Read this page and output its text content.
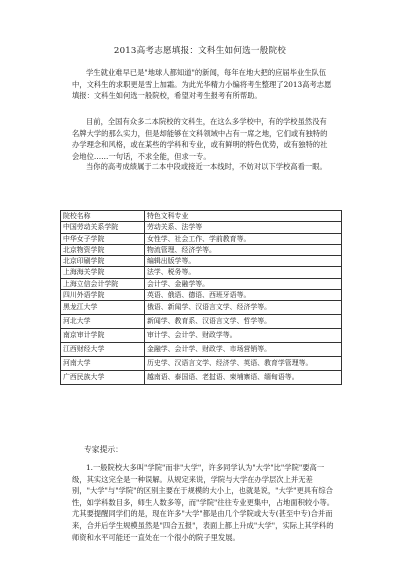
2013高考志愿填报：文科生如何选一般院校

学生就业难早已是"地球人都知道"的新闻，每年在地大把的应届毕业生队伍中，文科生的求职更是雪上加霜。为此光华精力小编将考生整理了2013高考志愿填报：文科生如何选一般院校，希望对考生报考有所帮助。

目前，全国有众多二本院校的文科生，在这么多学校中，有的学校虽然没有名牌大学的那么实力，但是却能够在文科领域中占有一席之地，它们或有独特的办学理念和风格，或在某些的学科和专业，或有鲜明的特色优势，或有独特的社会地位……一句话，不求全能，但求一专。

当你的高考成绩属于二本中段或接近一本线时，不妨对以下学校高看一眼。

院校名称	特色文科专业
中国劳动关系学院	劳动关系、法学等
中华女子学院	女性学、社会工作、学前教育等。
北京物资学院	物流管理、经济学等。
北京印刷学院	编辑出版学等。
上海海关学院	法学、税务等。
上海立信会计学院	会计学、金融学等。
四川外语学院	英语、俄语、德语、西班牙语等。
黑龙江大学	俄语、新闻学、汉语言文学、经济学等。
河北大学	新闻学、教育系、汉语言文学、哲学等。
南京审计学院	审计学、会计学、财政学等。
江西财经大学	金融学、会计学、财政学、市场营销等。
河南大学	历史学、汉语言文学、经济学、英语、教育学管理等。
广西民族大学	越南语、泰国语、老挝语、柬埔寨语、缅甸语等。
专家提示：

1.一般院校大多叫"学院"而非"大学"，许多同学认为"大学"比"学院"要高一级，其实这完全是一种误解。从规定来说，学院与大学在办学层次上并无差别，"大学"与"学院"的区别主要在于规模的大小上，也就是说，"大学"更具有综合性，如学科数目多，师生人数多等，而"学院"往往专业更集中，占地面积较小等。尤其要提醒同学们的是，现在许多"大学"都是由几个学院或大专(甚至中专)合并而来，合并后学生规模虽然是"四合五报"，表面上都上升成"大学"，实际上其学科的师资和水平可能还一直处在一个很小的院子里发展。
